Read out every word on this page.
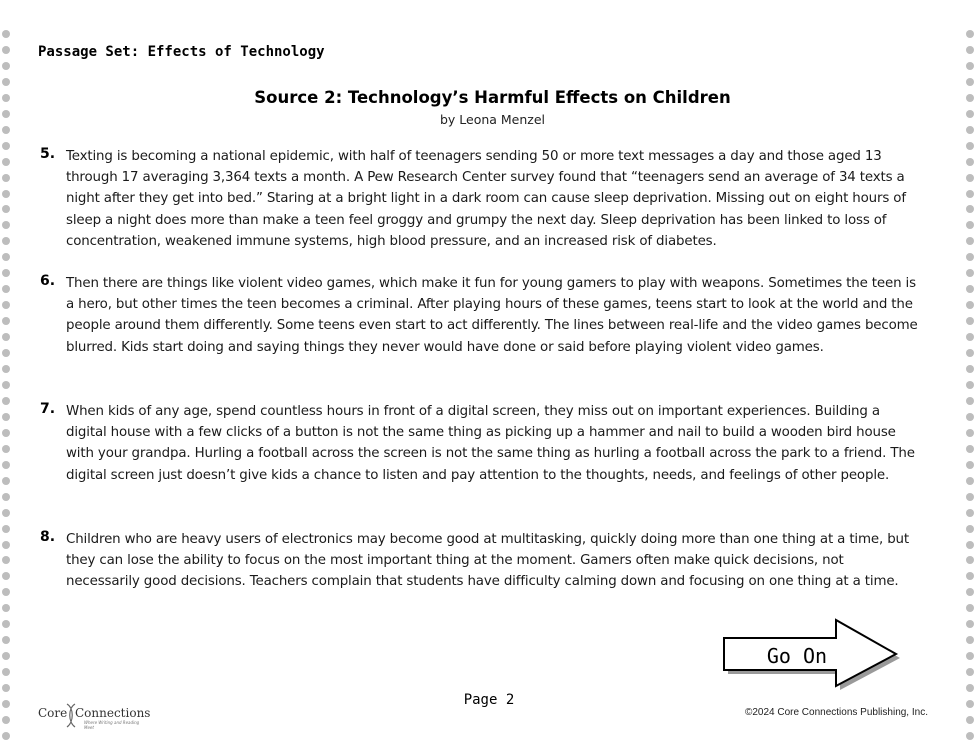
Passage Set: Effects of Technology
Source 2: Technology’s Harmful Effects on Children
by Leona Menzel
5. Texting is becoming a national epidemic, with half of teenagers sending 50 or more text messages a day and those aged 13 through 17 averaging 3,364 texts a month. A Pew Research Center survey found that “teenagers send an average of 34 texts a night after they get into bed.” Staring at a bright light in a dark room can cause sleep deprivation. Missing out on eight hours of sleep a night does more than make a teen feel groggy and grumpy the next day. Sleep deprivation has been linked to loss of concentration, weakened immune systems, high blood pressure, and an increased risk of diabetes.
6. Then there are things like violent video games, which make it fun for young gamers to play with weapons. Sometimes the teen is a hero, but other times the teen becomes a criminal. After playing hours of these games, teens start to look at the world and the people around them differently. Some teens even start to act differently. The lines between real-life and the video games become blurred. Kids start doing and saying things they never would have done or said before playing violent video games.
7. When kids of any age, spend countless hours in front of a digital screen, they miss out on important experiences. Building a digital house with a few clicks of a button is not the same thing as picking up a hammer and nail to build a wooden bird house with your grandpa. Hurling a football across the screen is not the same thing as hurling a football across the park to a friend. The digital screen just doesn’t give kids a chance to listen and pay attention to the thoughts, needs, and feelings of other people.
8. Children who are heavy users of electronics may become good at multitasking, quickly doing more than one thing at a time, but they can lose the ability to focus on the most important thing at the moment. Gamers often make quick decisions, not necessarily good decisions. Teachers complain that students have difficulty calming down and focusing on one thing at a time.
Go On
Page 2
Core Connections
Where Writing and Reading Meet
©2024 Core Connections Publishing, Inc.
